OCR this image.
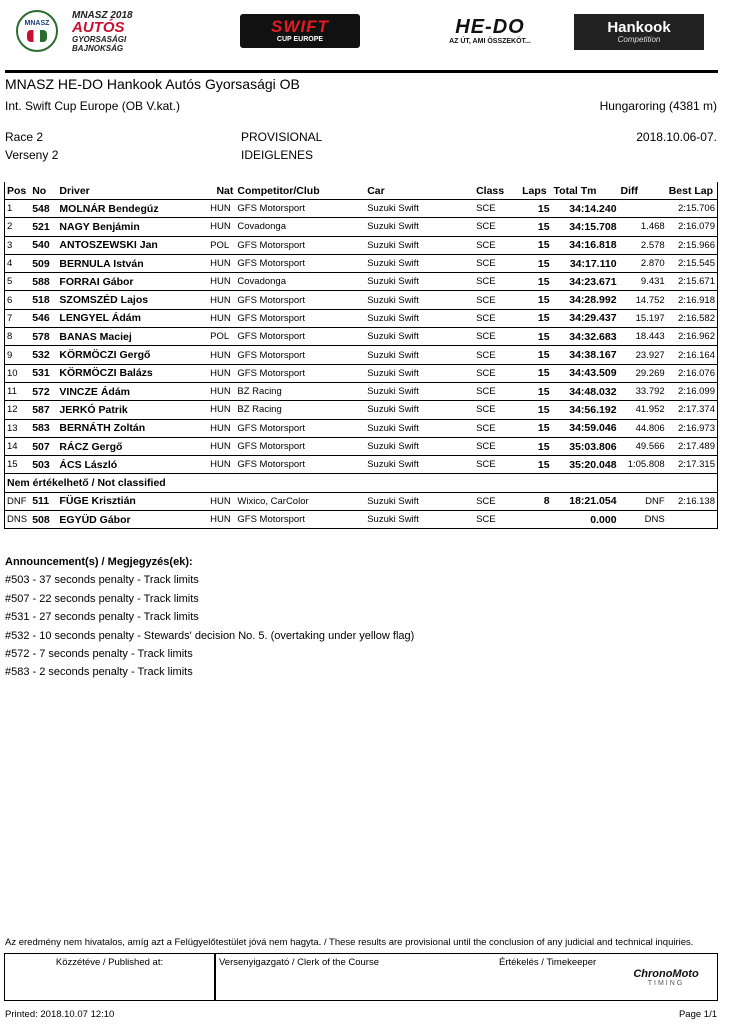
MNASZ
MNASZ 2018
AUTÓS
GYORSASÁGI
BAJNOKSÁG
SWIFT
CUP EUROPE
HE-DO
AZ ÚT, AMI ÖSSZEKÖT...
Hankook
Competition
MNASZ HE-DO Hankook Autós Gyorsasági OB
Int. Swift Cup Europe (OB V.kat.)	Hungaroring (4381 m)
Race 2
Verseny 2
PROVISIONAL
IDEIGLENES
2018.10.06-07.
Pos	No	Driver	Nat	Competitor/Club	Car	Class	Laps	Total Tm	Diff	Best Lap
1	548	MOLNÁR Bendegúz	HUN	GFS Motorsport	Suzuki Swift	SCE	15	34:14.240		2:15.706
2	521	NAGY Benjámin	HUN	Covadonga	Suzuki Swift	SCE	15	34:15.708	1.468	2:16.079
3	540	ANTOSZEWSKI Jan	POL	GFS Motorsport	Suzuki Swift	SCE	15	34:16.818	2.578	2:15.966
4	509	BERNULA István	HUN	GFS Motorsport	Suzuki Swift	SCE	15	34:17.110	2.870	2:15.545
5	588	FORRAI Gábor	HUN	Covadonga	Suzuki Swift	SCE	15	34:23.671	9.431	2:15.671
6	518	SZOMSZÉD Lajos	HUN	GFS Motorsport	Suzuki Swift	SCE	15	34:28.992	14.752	2:16.918
7	546	LENGYEL Ádám	HUN	GFS Motorsport	Suzuki Swift	SCE	15	34:29.437	15.197	2:16.582
8	578	BANAS Maciej	POL	GFS Motorsport	Suzuki Swift	SCE	15	34:32.683	18.443	2:16.962
9	532	KÖRMÖCZI Gergő	HUN	GFS Motorsport	Suzuki Swift	SCE	15	34:38.167	23.927	2:16.164
10	531	KÖRMÖCZI Balázs	HUN	GFS Motorsport	Suzuki Swift	SCE	15	34:43.509	29.269	2:16.076
11	572	VINCZE Ádám	HUN	BZ Racing	Suzuki Swift	SCE	15	34:48.032	33.792	2:16.099
12	587	JERKÓ Patrik	HUN	BZ Racing	Suzuki Swift	SCE	15	34:56.192	41.952	2:17.374
13	583	BERNÁTH Zoltán	HUN	GFS Motorsport	Suzuki Swift	SCE	15	34:59.046	44.806	2:16.973
14	507	RÁCZ Gergő	HUN	GFS Motorsport	Suzuki Swift	SCE	15	35:03.806	49.566	2:17.489
15	503	ÁCS László	HUN	GFS Motorsport	Suzuki Swift	SCE	15	35:20.048	1:05.808	2:17.315
Nem értékelhető / Not classified										
DNF	511	FÜGE Krisztián	HUN	Wixico, CarColor	Suzuki Swift	SCE	8	18:21.054	DNF	2:16.138
DNS	508	EGYÜD Gábor	HUN	GFS Motorsport	Suzuki Swift	SCE		0.000	DNS	
Announcement(s) / Megjegyzés(ek):
#503 - 37 seconds penalty - Track limits
#507 - 22 seconds penalty - Track limits
#531 - 27 seconds penalty - Track limits
#532 - 10 seconds penalty - Stewards' decision No. 5. (overtaking under yellow flag)
#572 - 7 seconds penalty - Track limits
#583 - 2 seconds penalty - Track limits
Az eredmény nem hivatalos, amíg azt a Felügyelőtestület jóvá nem hagyta. / These results are provisional until the conclusion of any judicial and technical inquiries.
Közzétéve / Published at:	Versenyigazgató / Clerk of the Course	Értékelés / Timekeeper
ChronoMoto
TIMING
Printed: 2018.10.07 12:10	Page 1/1
